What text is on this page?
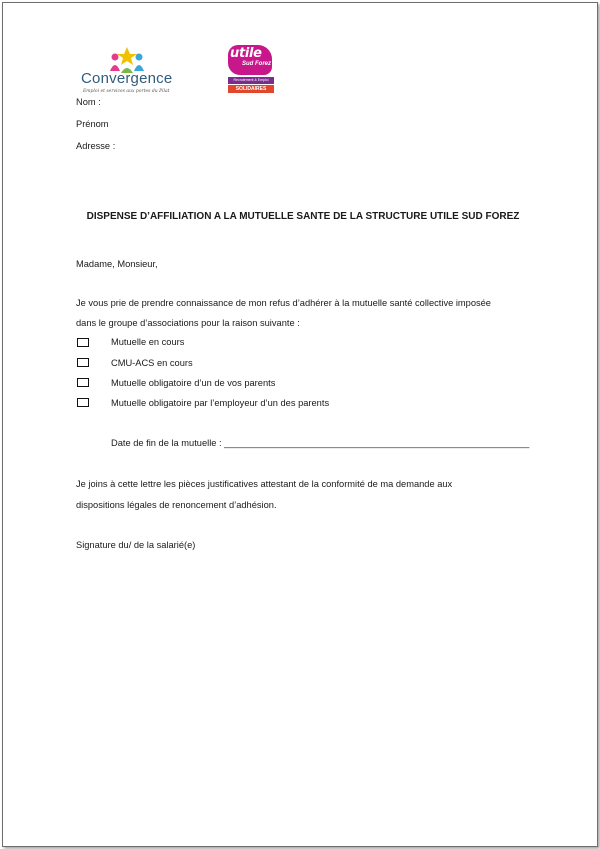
Convergence
Emploi et services aux portes du Pilat
utile
Sud Forez
Recrutement & Emploi
SOLIDAIRES
Nom :
Prénom
Adresse :
DISPENSE D’AFFILIATION A LA MUTUELLE SANTE DE LA STRUCTURE UTILE SUD FOREZ
Madame, Monsieur,
Je vous prie de prendre connaissance de mon refus d’adhérer à la mutuelle santé collective imposée
dans le groupe d’associations pour la raison suivante :
Mutuelle en cours
CMU-ACS en cours
Mutuelle obligatoire d’un de vos parents
Mutuelle obligatoire par l’employeur d’un des parents
Date de fin de la mutuelle : ___________________________________________________________
Je joins à cette lettre les pièces justificatives attestant de la conformité de ma demande aux
dispositions légales de renoncement d’adhésion.
Signature du/ de la salarié(e)
